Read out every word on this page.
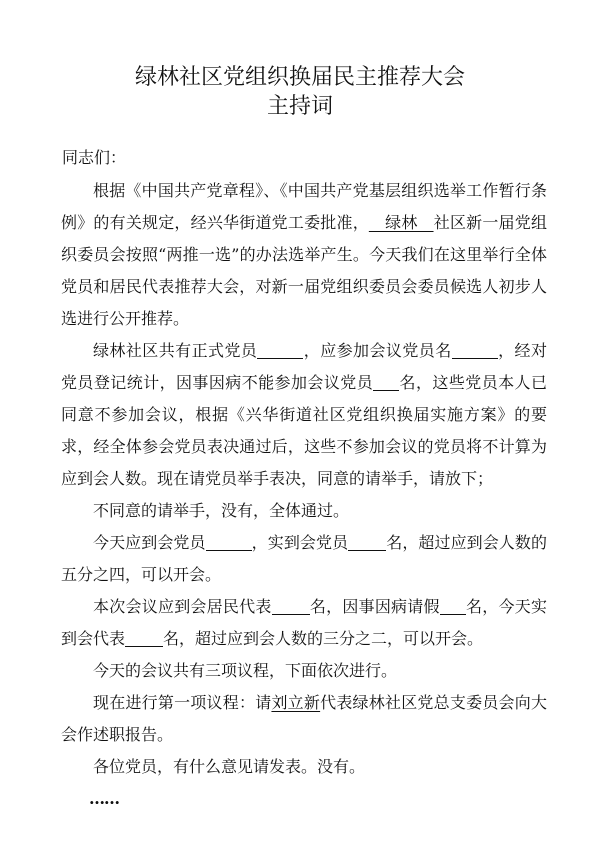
绿林社区党组织换届民主推荐大会
主持词
同志们：

根据《中国共产党章程》、《中国共产党基层组织选举工作暂行条例》的有关规定，经兴华街道党工委批准，__绿林__社区新一届党组织委员会按照“两推一选”的办法选举产生。今天我们在这里举行全体党员和居民代表推荐大会，对新一届党组织委员会委员候选人初步人选进行公开推荐。

绿林社区共有正式党员	，应参加会议党员名	，经对党员登记统计，因事因病不能参加会议党员 名，这些党员本人已同意不参加会议，根据《兴华街道社区党组织换届实施方案》的要求，经全体参会党员表决通过后，这些不参加会议的党员将不计算为应到会人数。现在请党员举手表决，同意的请举手，请放下；

不同意的请举手，没有，全体通过。

今天应到会党员	，实到会党员 名，超过应到会人数的五分之四，可以开会。

本次会议应到会居民代表 名，因事因病请假 名，今天实到会代表 名，超过应到会人数的三分之二，可以开会。

今天的会议共有三项议程，下面依次进行。

现在进行第一项议程：请刘立新代表绿林社区党总支委员会向大会作述职报告。

各位党员，有什么意见请发表。没有。

……
